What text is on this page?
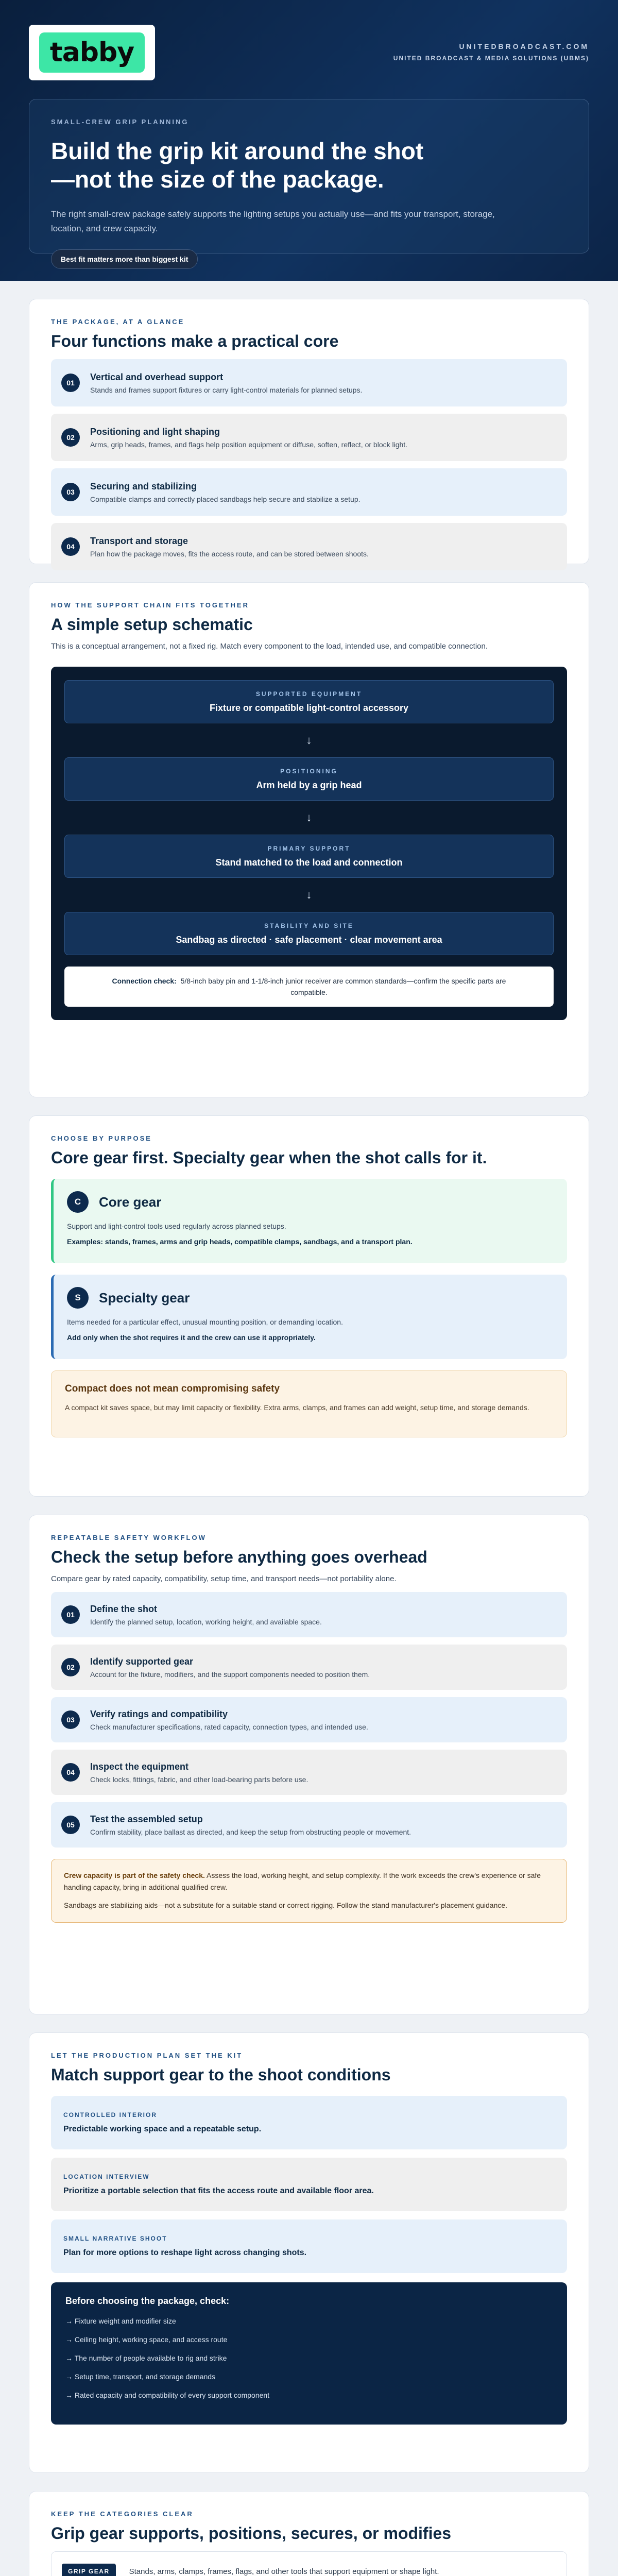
tabby	UNITEDBROADCAST.COM
UNITED BROADCAST & MEDIA SOLUTIONS (UBMS)
SMALL-CREW GRIP PLANNING
Build the grip kit around the shot
—not the size of the package.

The right small-crew package safely supports the lighting setups you actually use—and fits your transport, storage, location, and crew capacity.

Best fit matters more than biggest kit
THE PACKAGE, AT A GLANCE
Four functions make a practical core
01
Vertical and overhead support
Stands and frames support fixtures or carry light-control materials for planned setups.
02
Positioning and light shaping
Arms, grip heads, frames, and flags help position equipment or diffuse, soften, reflect, or block light.
03
Securing and stabilizing
Compatible clamps and correctly placed sandbags help secure and stabilize a setup.
04
Transport and storage
Plan how the package moves, fits the access route, and can be stored between shoots.
HOW THE SUPPORT CHAIN FITS TOGETHER
A simple setup schematic

This is a conceptual arrangement, not a fixed rig. Match every component to the load, intended use, and compatible connection.

SUPPORTED EQUIPMENT
Fixture or compatible light-control accessory
↓
POSITIONING
Arm held by a grip head
↓
PRIMARY SUPPORT
Stand matched to the load and connection
↓
STABILITY AND SITE
Sandbag as directed · safe placement · clear movement area
Connection check: 5/8-inch baby pin and 1-1/8-inch junior receiver are common standards—confirm the specific parts are compatible.
CHOOSE BY PURPOSE
Core gear first. Specialty gear when the shot calls for it.
C	Core gear
Support and light-control tools used regularly across planned setups.
Examples: stands, frames, arms and grip heads, compatible clamps, sandbags, and a transport plan.
S	Specialty gear
Items needed for a particular effect, unusual mounting position, or demanding location.
Add only when the shot requires it and the crew can use it appropriately.
Compact does not mean compromising safety
A compact kit saves space, but may limit capacity or flexibility. Extra arms, clamps, and frames can add weight, setup time, and storage demands.
REPEATABLE SAFETY WORKFLOW
Check the setup before anything goes overhead

Compare gear by rated capacity, compatibility, setup time, and transport needs—not portability alone.

01
Define the shot
Identify the planned setup, location, working height, and available space.
02
Identify supported gear
Account for the fixture, modifiers, and the support components needed to position them.
03
Verify ratings and compatibility
Check manufacturer specifications, rated capacity, connection types, and intended use.
04
Inspect the equipment
Check locks, fittings, fabric, and other load-bearing parts before use.
05
Test the assembled setup
Confirm stability, place ballast as directed, and keep the setup from obstructing people or movement.

Crew capacity is part of the safety check. Assess the load, working height, and setup complexity. If the work exceeds the crew's experience or safe handling capacity, bring in additional qualified crew.

Sandbags are stabilizing aids—not a substitute for a suitable stand or correct rigging. Follow the stand manufacturer's placement guidance.

LET THE PRODUCTION PLAN SET THE KIT
Match support gear to the shoot conditions
CONTROLLED INTERIOR
Predictable working space and a repeatable setup.
LOCATION INTERVIEW
Prioritize a portable selection that fits the access route and available floor area.
SMALL NARRATIVE SHOOT
Plan for more options to reshape light across changing shots.
Before choosing the package, check:
→ Fixture weight and modifier size
→ Ceiling height, working space, and access route
→ The number of people available to rig and strike
→ Setup time, transport, and storage demands
→ Rated capacity and compatibility of every support component
KEEP THE CATEGORIES CLEAR
Grip gear supports, positions, secures, or modifies
GRIP GEAR	Stands, arms, clamps, frames, flags, and other tools that support equipment or shape light.
